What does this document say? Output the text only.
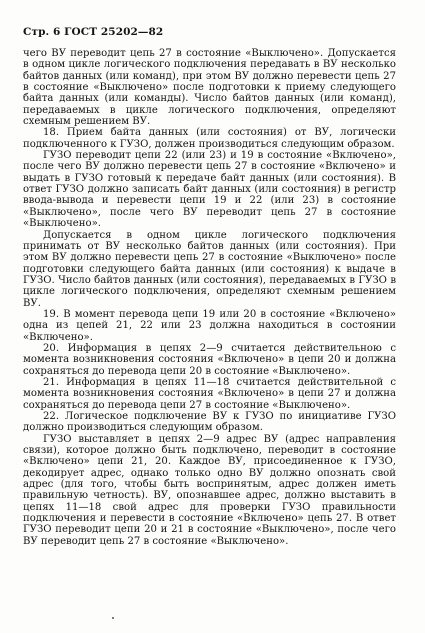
Стр. 6 ГОСТ 25202—82

чего ВУ переводит цепь 27 в состояние «Выключено». Допускается в одном цикле логического подключения передавать в ВУ несколько байтов данных (или команд), при этом ВУ должно перевести цепь 27 в состояние «Выключено» после подготовки к приему следующего байта данных (или команды). Число байтов данных (или команд), передаваемых в цикле логического подключения, определяют схемным решением ВУ.

18. Прием байта данных (или состояния) от ВУ, логически подключенного к ГУЗО, должен производиться следующим образом.

ГУЗО переводит цепи 22 (или 23) и 19 в состояние «Включено», после чего ВУ должно перевести цепь 27 в состояние «Включено» и выдать в ГУЗО готовый к передаче байт данных (или состояния). В ответ ГУЗО должно записать байт данных (или состояния) в регистр ввода-вывода и перевести цепи 19 и 22 (или 23) в состояние «Выключено», после чего ВУ переводит цепь 27 в состояние «Выключено».

Допускается в одном цикле логического подключения принимать от ВУ несколько байтов данных (или состояния). При этом ВУ должно перевести цепь 27 в состояние «Выключено» после подготовки следующего байта данных (или состояния) к выдаче в ГУЗО. Число байтов данных (или состояния), передаваемых в ГУЗО в цикле логического подключения, определяют схемным решением ВУ.

19. В момент перевода цепи 19 или 20 в состояние «Включено» одна из цепей 21, 22 или 23 должна находиться в состоянии «Включено».

20. Информация в цепях 2—9 считается действительною с момента возникновения состояния «Включено» в цепи 20 и должна сохраняться до перевода цепи 20 в состояние «Выключено».

21. Информация в цепях 11—18 считается действительной с момента возникновения состояния «Включено» в цепи 27 и должна сохраняться до перевода цепи 27 в состояние «Выключено».

22. Логическое подключение ВУ к ГУЗО по инициативе ГУЗО должно производиться следующим образом.

ГУЗО выставляет в цепях 2—9 адрес ВУ (адрес направления связи), которое должно быть подключено, переводит в состояние «Включено» цепи 21, 20. Каждое ВУ, присоединенное к ГУЗО, декодирует адрес, однако только одно ВУ должно опознать свой адрес (для того, чтобы быть воспринятым, адрес должен иметь правильную четность). ВУ, опознавшее адрес, должно выставить в цепях 11—18 свой адрес для проверки ГУЗО правильности подключения и перевести в состояние «Включено» цепь 27. В ответ ГУЗО переводит цепи 20 и 21 в состояние «Выключено», после чего ВУ переводит цепь 27 в состояние «Выключено».
